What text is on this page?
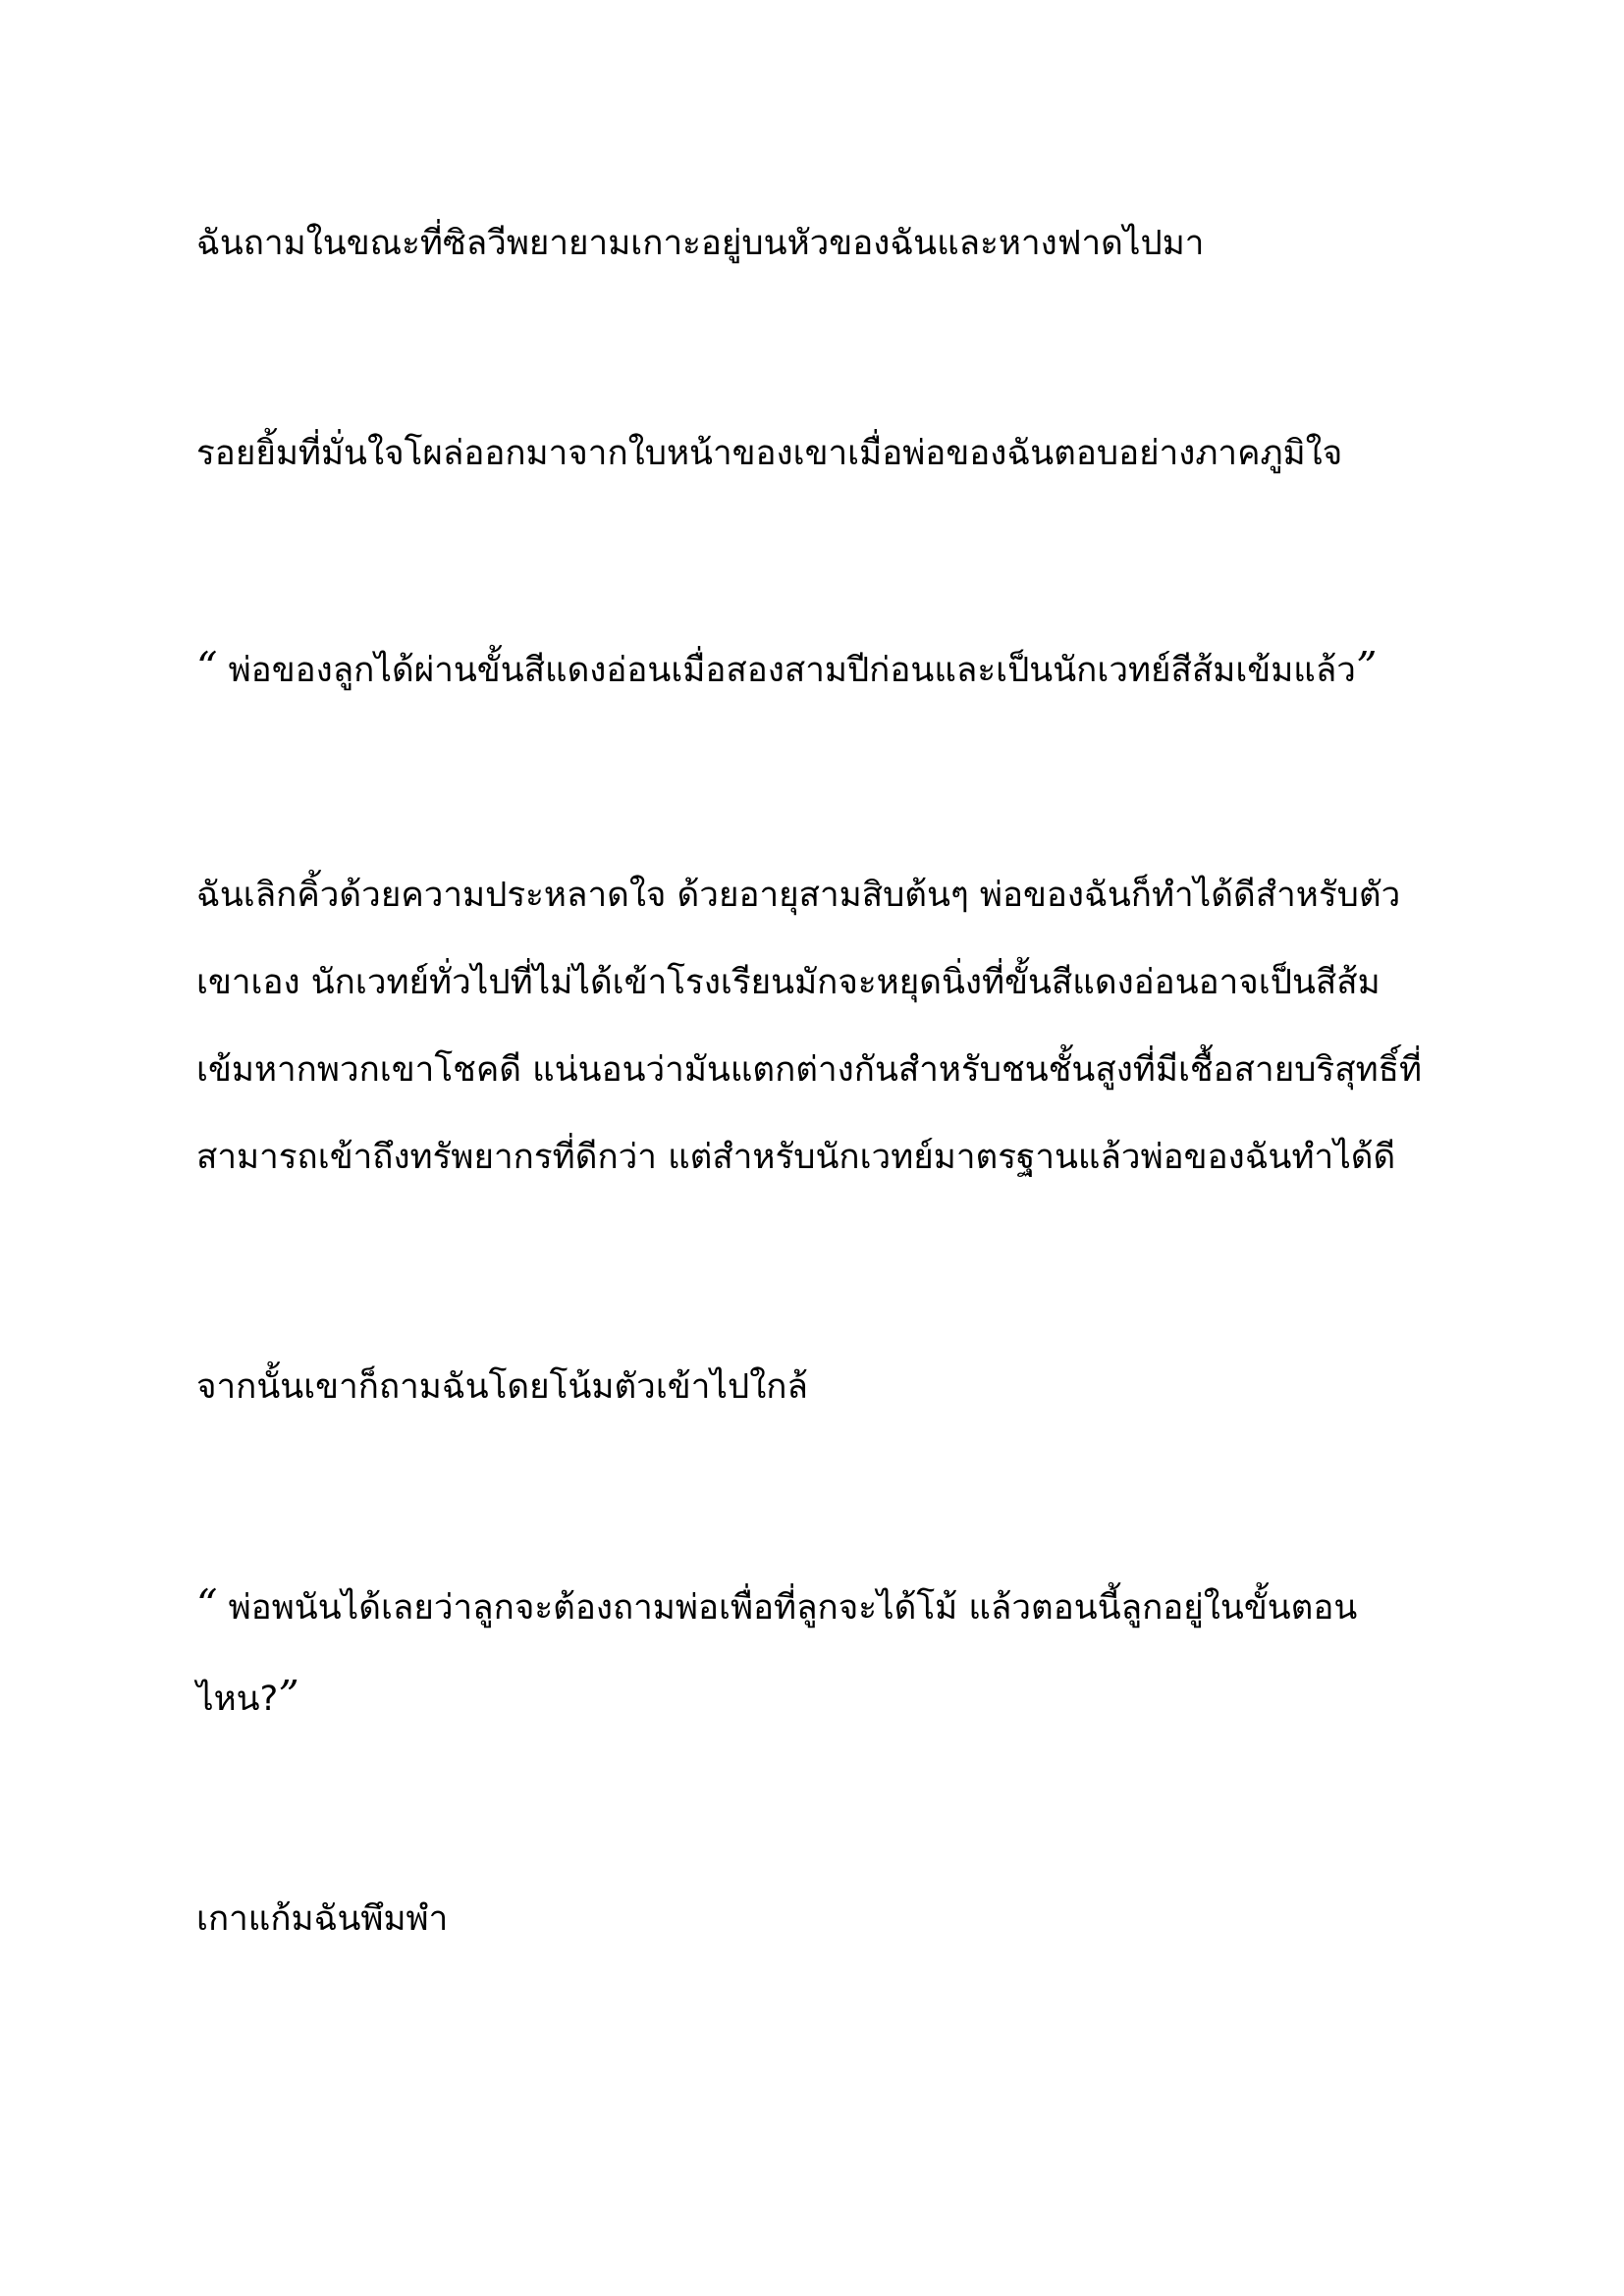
ฉันถามในขณะที่ซิลวีพยายามเกาะอยู่บนหัวของฉันและหางฟาดไปมา

รอยยิ้มที่มั่นใจโผล่ออกมาจากใบหน้าของเขาเมื่อพ่อของฉันตอบอย่างภาคภูมิใจ

“ พ่อของลูกได้ผ่านขั้นสีแดงอ่อนเมื่อสองสามปีก่อนและเป็นนักเวทย์สีส้มเข้มแล้ว”

ฉันเลิกคิ้วด้วยความประหลาดใจ ด้วยอายุสามสิบต้นๆ พ่อของฉันก็ทำได้ดีสำหรับตัวเขาเอง นักเวทย์ทั่วไปที่ไม่ได้เข้าโรงเรียนมักจะหยุดนิ่งที่ขั้นสีแดงอ่อนอาจเป็นสีส้มเข้มหากพวกเขาโชคดี แน่นอนว่ามันแตกต่างกันสำหรับชนชั้นสูงที่มีเชื้อสายบริสุทธิ์ที่สามารถเข้าถึงทรัพยากรที่ดีกว่า แต่สำหรับนักเวทย์มาตรฐานแล้วพ่อของฉันทำได้ดี

จากนั้นเขาก็ถามฉันโดยโน้มตัวเข้าไปใกล้

“ พ่อพนันได้เลยว่าลูกจะต้องถามพ่อเพื่อที่ลูกจะได้โม้ แล้วตอนนี้ลูกอยู่ในขั้นตอนไหน?”

เกาแก้มฉันพึมพำ
